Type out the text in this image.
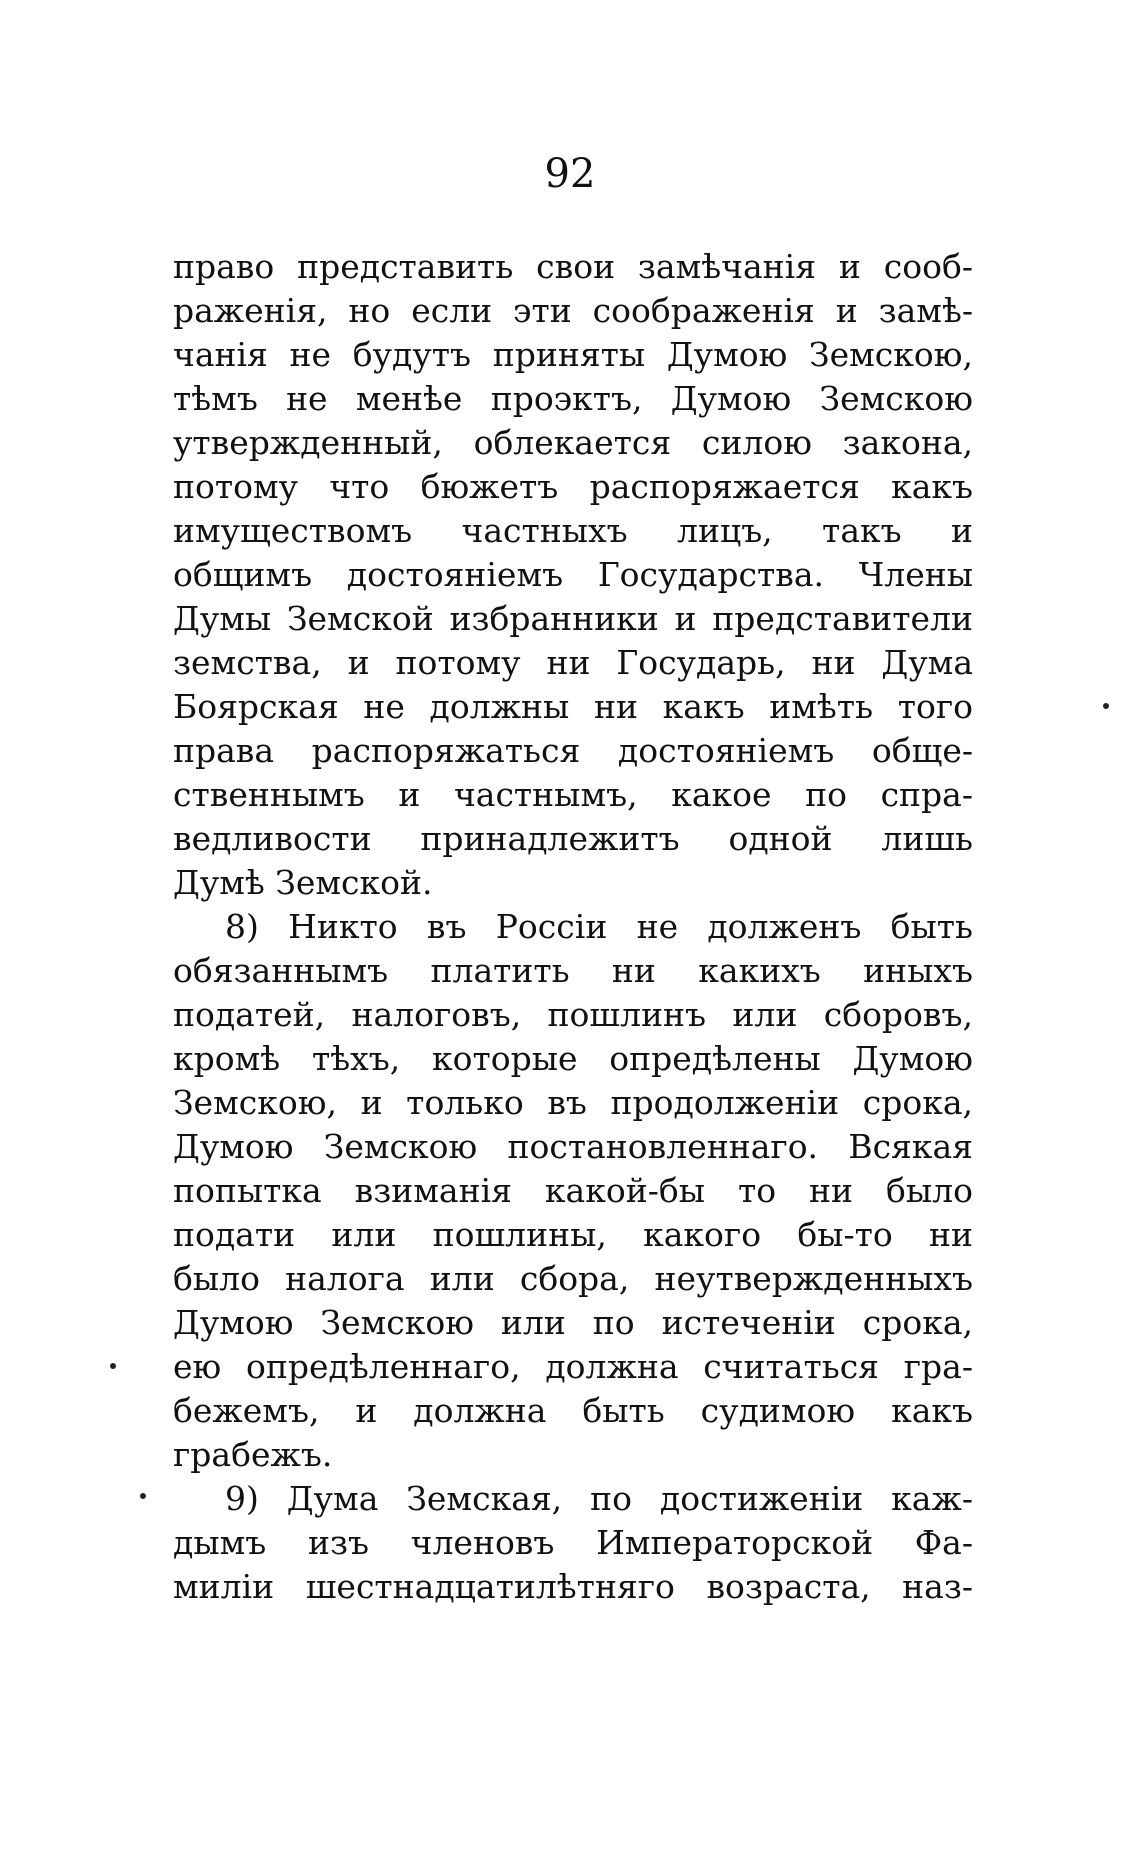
92
право представить свои замѣчанія и сооб-
раженія, но если эти соображенія и замѣ-
чанія не будутъ приняты Думою Земскою,
тѣмъ не менѣе проэктъ, Думою Земскою
утвержденный, облекается силою закона,
потому что бюжетъ распоряжается какъ
имуществомъ частныхъ лицъ, такъ и
общимъ достояніемъ Государства. Члены
Думы Земской избранники и представители
земства, и потому ни Государь, ни Дума
Боярская не должны ни какъ имѣть того
права распоряжаться достояніемъ обще-
ственнымъ и частнымъ, какое по спра-
ведливости принадлежитъ одной лишь
Думѣ Земской.
8) Никто въ Россіи не долженъ быть
обязаннымъ платить ни какихъ иныхъ
податей, налоговъ, пошлинъ или сборовъ,
кромѣ тѣхъ, которые опредѣлены Думою
Земскою, и только въ продолженіи срока,
Думою Земскою постановленнаго. Всякая
попытка взиманія какой-бы то ни было
подати или пошлины, какого бы-то ни
было налога или сбора, неутвержденныхъ
Думою Земскою или по истеченіи срока,
ею опредѣленнаго, должна считаться гра-
бежемъ, и должна быть судимою какъ
грабежъ.
9) Дума Земская, по достиженіи каж-
дымъ изъ членовъ Императорской Фа-
миліи шестнадцатилѣтняго возраста, наз-
